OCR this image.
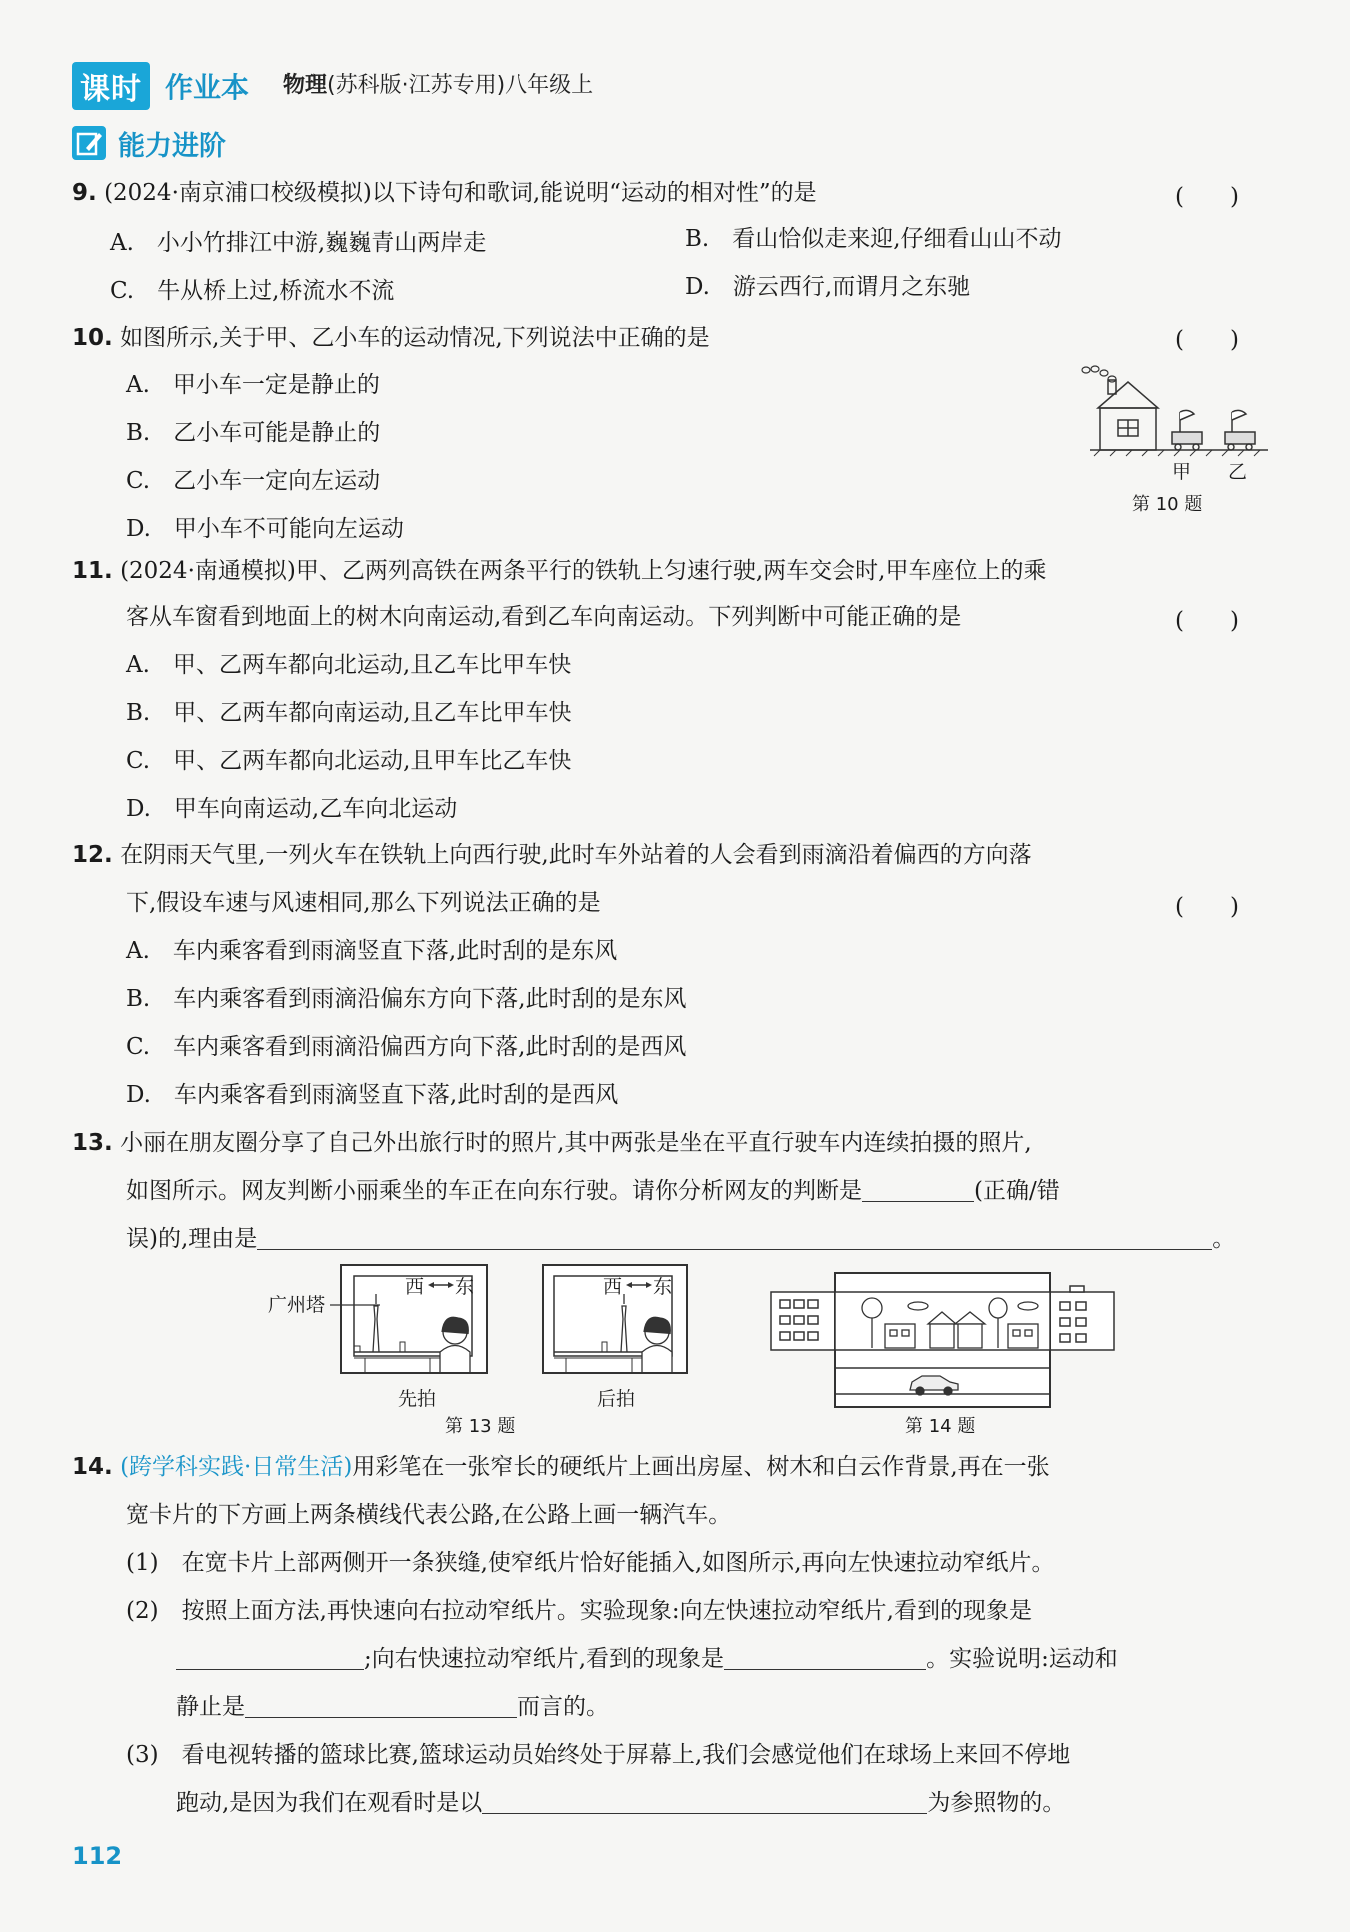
课时 作业本 物理(苏科版·江苏专用)八年级上
能力进阶
9. (2024·南京浦口校级模拟)以下诗句和歌词,能说明“运动的相对性”的是	(　　)
A.　小小竹排江中游,巍巍青山两岸走	B.　看山恰似走来迎,仔细看山山不动
C.　牛从桥上过,桥流水不流	D.　游云西行,而谓月之东驰
10. 如图所示,关于甲、乙小车的运动情况,下列说法中正确的是	(　　)
A.　甲小车一定是静止的
B.　乙小车可能是静止的
C.　乙小车一定向左运动
D.　甲小车不可能向左运动
甲 乙
第 10 题
11. (2024·南通模拟)甲、乙两列高铁在两条平行的铁轨上匀速行驶,两车交会时,甲车座位上的乘
客从车窗看到地面上的树木向南运动,看到乙车向南运动。下列判断中可能正确的是	(　　)
A.　甲、乙两车都向北运动,且乙车比甲车快
B.　甲、乙两车都向南运动,且乙车比甲车快
C.　甲、乙两车都向北运动,且甲车比乙车快
D.　甲车向南运动,乙车向北运动
12. 在阴雨天气里,一列火车在铁轨上向西行驶,此时车外站着的人会看到雨滴沿着偏西的方向落
下,假设车速与风速相同,那么下列说法正确的是	(　　)
A.　车内乘客看到雨滴竖直下落,此时刮的是东风
B.　车内乘客看到雨滴沿偏东方向下落,此时刮的是东风
C.　车内乘客看到雨滴沿偏西方向下落,此时刮的是西风
D.　车内乘客看到雨滴竖直下落,此时刮的是西风
13. 小丽在朋友圈分享了自己外出旅行时的照片,其中两张是坐在平直行驶车内连续拍摄的照片,
如图所示。网友判断小丽乘坐的车正在向东行驶。请你分析网友的判断是	(正确/错
误)的,理由是	。
广州塔
西 东	西 东
先拍	后拍
第 13 题	第 14 题
14. (跨学科实践·日常生活)用彩笔在一张窄长的硬纸片上画出房屋、树木和白云作背景,再在一张
宽卡片的下方画上两条横线代表公路,在公路上画一辆汽车。
(1)　在宽卡片上部两侧开一条狭缝,使窄纸片恰好能插入,如图所示,再向左快速拉动窄纸片。
(2)　按照上面方法,再快速向右拉动窄纸片。实验现象:向左快速拉动窄纸片,看到的现象是
;向右快速拉动窄纸片,看到的现象是	。实验说明:运动和
静止是	而言的。
(3)　看电视转播的篮球比赛,篮球运动员始终处于屏幕上,我们会感觉他们在球场上来回不停地
跑动,是因为我们在观看时是以	为参照物的。
112
